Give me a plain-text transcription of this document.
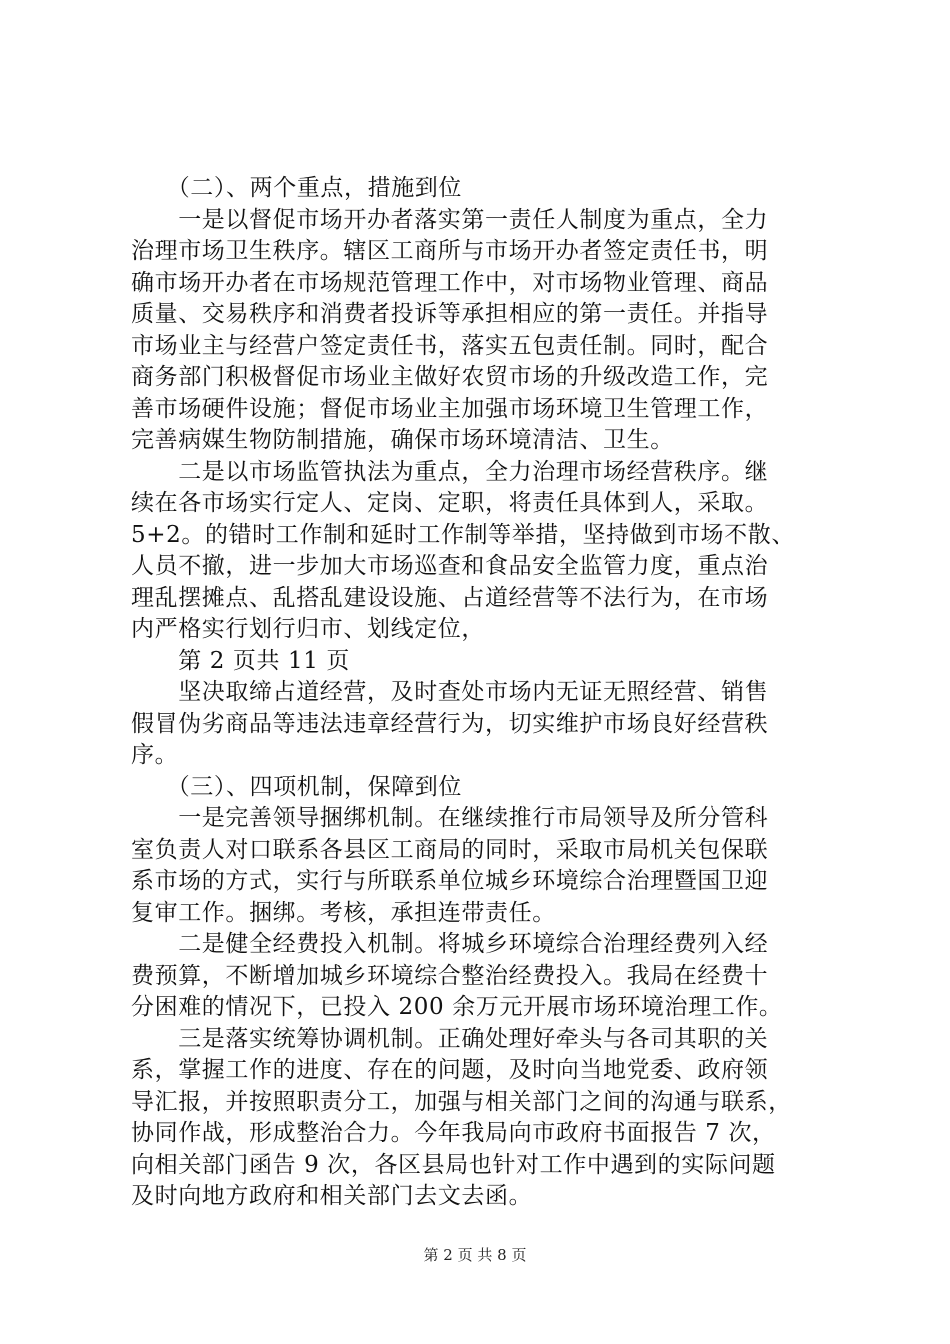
　　（二）、两个重点，措施到位
　　一是以督促市场开办者落实第一责任人制度为重点，全力
治理市场卫生秩序。辖区工商所与市场开办者签定责任书，明
确市场开办者在市场规范管理工作中，对市场物业管理、商品
质量、交易秩序和消费者投诉等承担相应的第一责任。并指导
市场业主与经营户签定责任书，落实五包责任制。同时，配合
商务部门积极督促市场业主做好农贸市场的升级改造工作，完
善市场硬件设施；督促市场业主加强市场环境卫生管理工作，
完善病媒生物防制措施，确保市场环境清洁、卫生。
　　二是以市场监管执法为重点，全力治理市场经营秩序。继
续在各市场实行定人、定岗、定职，将责任具体到人，采取。
5+2。的错时工作制和延时工作制等举措，坚持做到市场不散、
人员不撤，进一步加大市场巡查和食品安全监管力度，重点治
理乱摆摊点、乱搭乱建设设施、占道经营等不法行为，在市场
内严格实行划行归市、划线定位，
　　第 2 页共 11 页
　　坚决取缔占道经营，及时查处市场内无证无照经营、销售
假冒伪劣商品等违法违章经营行为，切实维护市场良好经营秩
序。
　　（三）、四项机制，保障到位
　　一是完善领导捆绑机制。在继续推行市局领导及所分管科
室负责人对口联系各县区工商局的同时，采取市局机关包保联
系市场的方式，实行与所联系单位城乡环境综合治理暨国卫迎
复审工作。捆绑。考核，承担连带责任。
　　二是健全经费投入机制。将城乡环境综合治理经费列入经
费预算，不断增加城乡环境综合整治经费投入。我局在经费十
分困难的情况下，已投入 200 余万元开展市场环境治理工作。
　　三是落实统筹协调机制。正确处理好牵头与各司其职的关
系，掌握工作的进度、存在的问题，及时向当地党委、政府领
导汇报，并按照职责分工，加强与相关部门之间的沟通与联系，
协同作战，形成整治合力。今年我局向市政府书面报告 7 次，
向相关部门函告 9 次，各区县局也针对工作中遇到的实际问题
及时向地方政府和相关部门去文去函。
第 2 页 共 8 页
